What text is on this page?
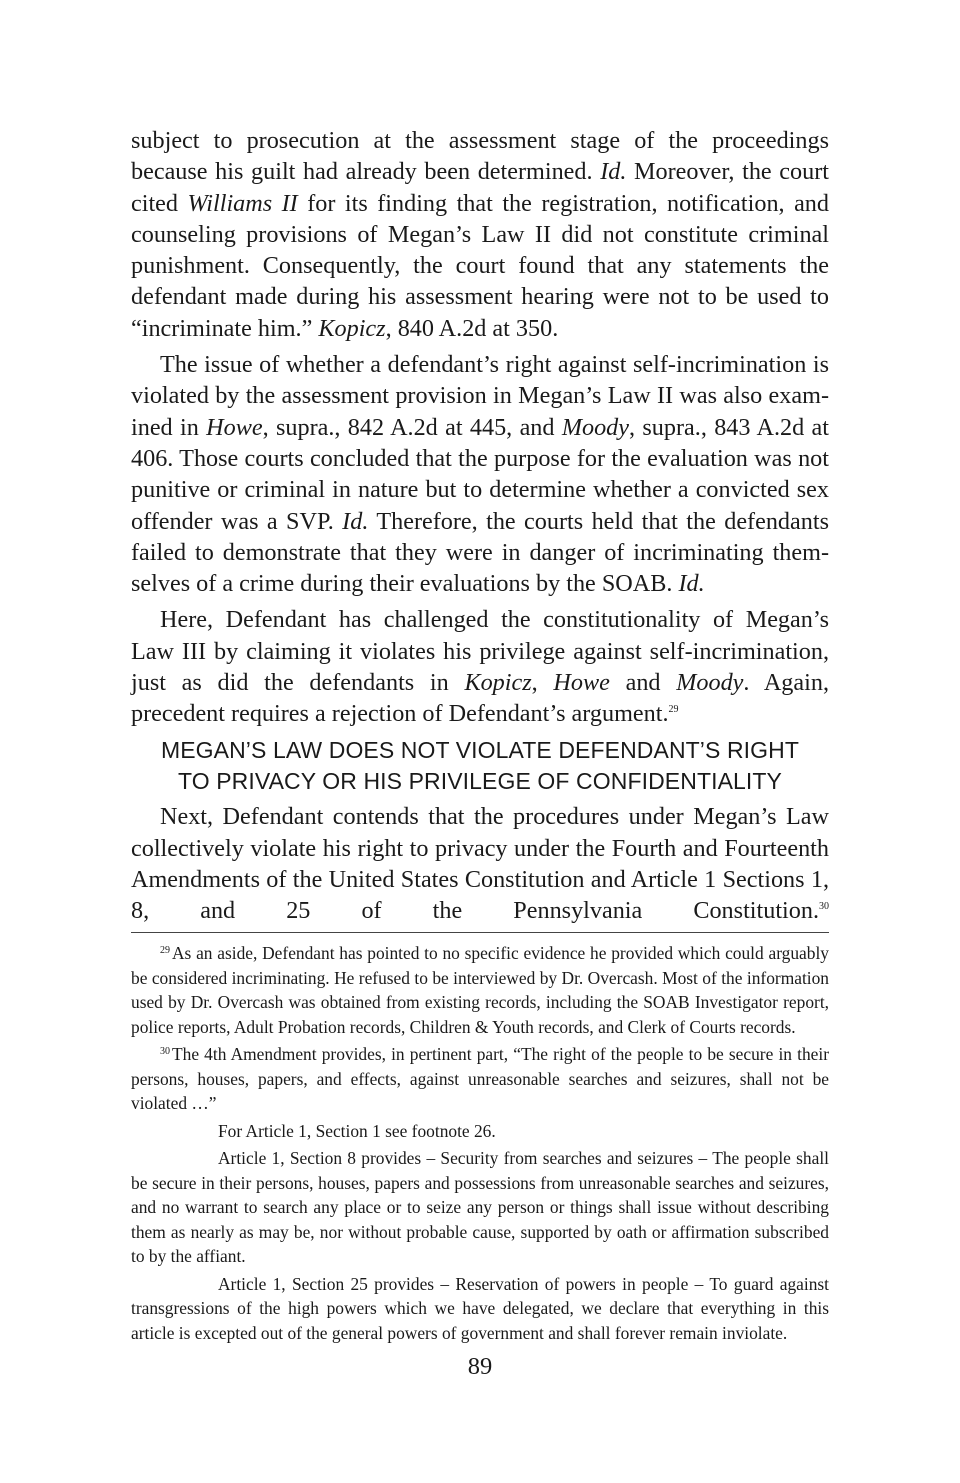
subject to prosecution at the assessment stage of the proceedings because his guilt had already been determined. Id. Moreover, the court cited Williams II for its finding that the registration, notification, and counseling provisions of Megan’s Law II did not constitute criminal punishment. Consequently, the court found that any statements the defendant made during his assessment hearing were not to be used to “incriminate him.” Kopicz, 840 A.2d at 350.

The issue of whether a defendant’s right against self-incrimination is violated by the assessment provision in Megan’s Law II was also examined in Howe, supra., 842 A.2d at 445, and Moody, supra., 843 A.2d at 406. Those courts concluded that the purpose for the evaluation was not punitive or criminal in nature but to determine whether a convicted sex offender was a SVP. Id. Therefore, the courts held that the defendants failed to demonstrate that they were in danger of incriminating themselves of a crime during their evaluations by the SOAB. Id.

Here, Defendant has challenged the constitutionality of Megan’s Law III by claiming it violates his privilege against self-incrimination, just as did the defendants in Kopicz, Howe and Moody. Again, precedent requires a rejection of Defendant’s argument.$^{29}$

MEGAN’S LAW DOES NOT VIOLATE DEFENDANT’S RIGHT
TO PRIVACY OR HIS PRIVILEGE OF CONFIDENTIALITY

Next, Defendant contends that the procedures under Megan’s Law collectively violate his right to privacy under the Fourth and Fourteenth Amendments of the United States Constitution and Article 1 Sections 1, 8, and 25 of the Pennsylvania Constitution.$^{30}$

$^{29}$ As an aside, Defendant has pointed to no specific evidence he provided which could arguably be considered incriminating. He refused to be interviewed by Dr. Overcash. Most of the information used by Dr. Overcash was obtained from existing records, including the SOAB Investigator report, police reports, Adult Probation records, Children & Youth records, and Clerk of Courts records.

$^{30}$ The 4th Amendment provides, in pertinent part, “The right of the people to be secure in their persons, houses, papers, and effects, against unreasonable searches and seizures, shall not be violated …”

For Article 1, Section 1 see footnote 26.

Article 1, Section 8 provides – Security from searches and seizures – The people shall be secure in their persons, houses, papers and possessions from unreasonable searches and seizures, and no warrant to search any place or to seize any person or things shall issue without describing them as nearly as may be, nor without probable cause, supported by oath or affirmation subscribed to by the affiant.

Article 1, Section 25 provides – Reservation of powers in people – To guard against transgressions of the high powers which we have delegated, we declare that everything in this article is excepted out of the general powers of government and shall forever remain inviolate.

89
